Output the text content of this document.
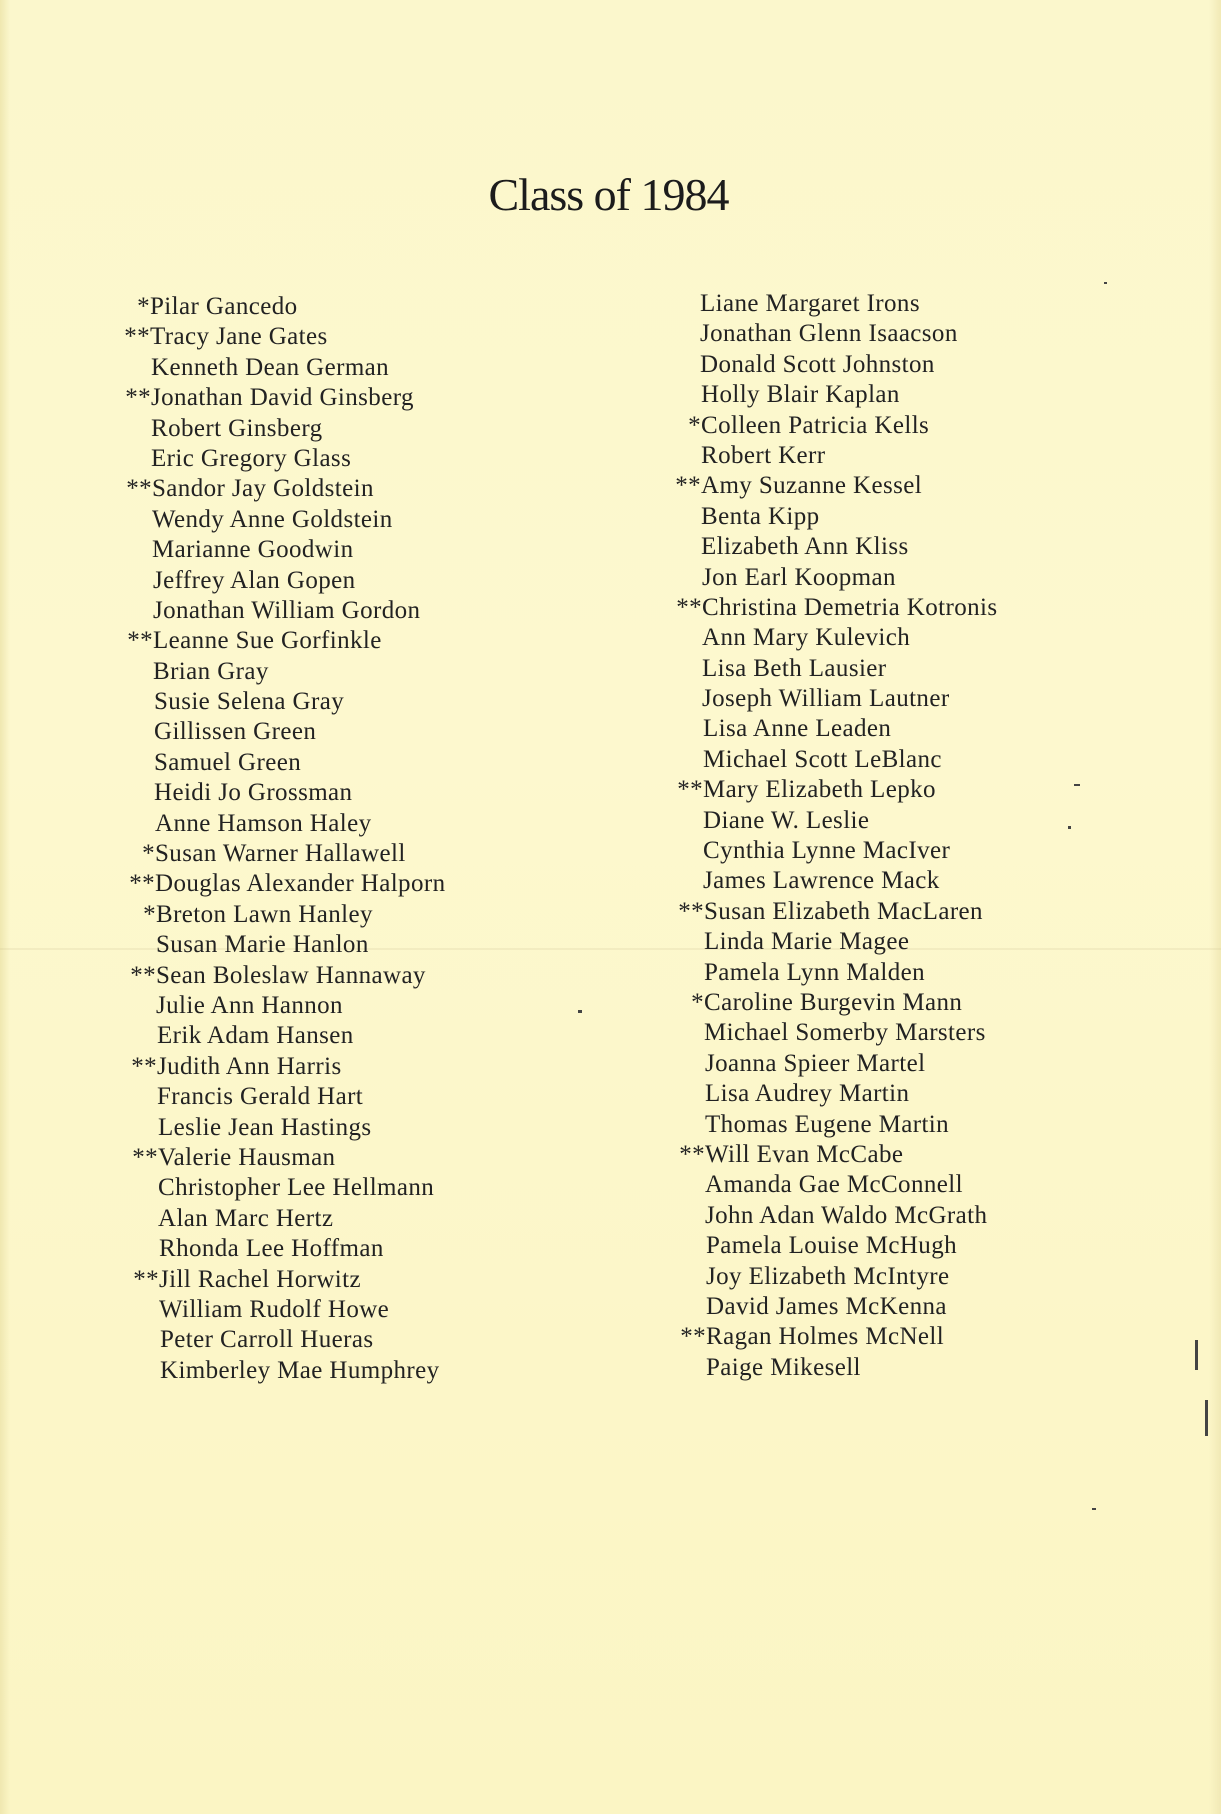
Class of 1984
*Pilar Gancedo
**Tracy Jane Gates
Kenneth Dean German
**Jonathan David Ginsberg
Robert Ginsberg
Eric Gregory Glass
**Sandor Jay Goldstein
Wendy Anne Goldstein
Marianne Goodwin
Jeffrey Alan Gopen
Jonathan William Gordon
**Leanne Sue Gorfinkle
Brian Gray
Susie Selena Gray
Gillissen Green
Samuel Green
Heidi Jo Grossman
Anne Hamson Haley
*Susan Warner Hallawell
**Douglas Alexander Halporn
*Breton Lawn Hanley
Susan Marie Hanlon
**Sean Boleslaw Hannaway
Julie Ann Hannon
Erik Adam Hansen
**Judith Ann Harris
Francis Gerald Hart
Leslie Jean Hastings
**Valerie Hausman
Christopher Lee Hellmann
Alan Marc Hertz
Rhonda Lee Hoffman
**Jill Rachel Horwitz
William Rudolf Howe
Peter Carroll Hueras
Kimberley Mae Humphrey
Liane Margaret Irons
Jonathan Glenn Isaacson
Donald Scott Johnston
Holly Blair Kaplan
*Colleen Patricia Kells
Robert Kerr
**Amy Suzanne Kessel
Benta Kipp
Elizabeth Ann Kliss
Jon Earl Koopman
**Christina Demetria Kotronis
Ann Mary Kulevich
Lisa Beth Lausier
Joseph William Lautner
Lisa Anne Leaden
Michael Scott LeBlanc
**Mary Elizabeth Lepko
Diane W. Leslie
Cynthia Lynne MacIver
James Lawrence Mack
**Susan Elizabeth MacLaren
Linda Marie Magee
Pamela Lynn Malden
*Caroline Burgevin Mann
Michael Somerby Marsters
Joanna Spieer Martel
Lisa Audrey Martin
Thomas Eugene Martin
**Will Evan McCabe
Amanda Gae McConnell
John Adan Waldo McGrath
Pamela Louise McHugh
Joy Elizabeth McIntyre
David James McKenna
**Ragan Holmes McNell
Paige Mikesell
